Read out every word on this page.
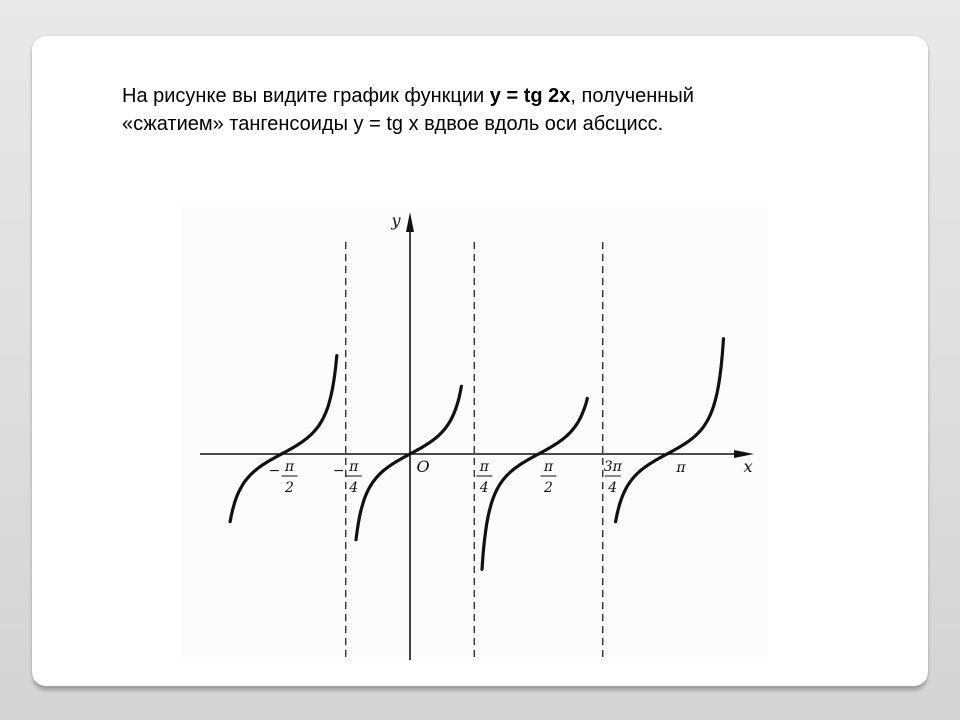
На рисунке вы видите график функции y = tg 2x, полученный
«сжатием» тангенсоиды y = tg x вдвое вдоль оси абсцисс.
x
y
O
− π
2
− π
4
π
4
π
2
3π
4
π
